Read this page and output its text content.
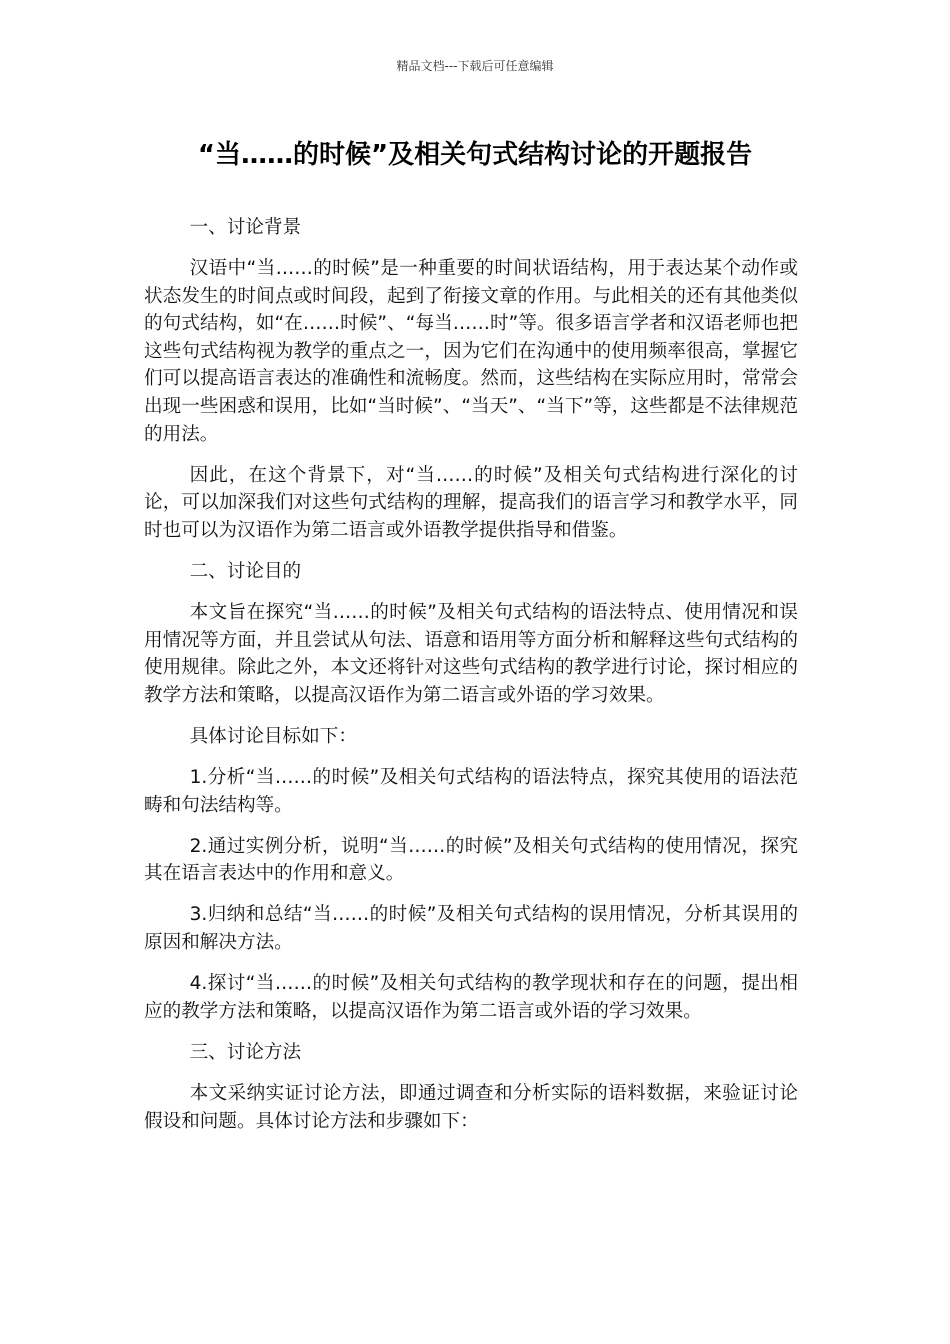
精品文档---下载后可任意编辑
“当……的时候”及相关句式结构讨论的开题报告

一、讨论背景

汉语中“当……的时候”是一种重要的时间状语结构，用于表达某个动作或状态发生的时间点或时间段，起到了衔接文章的作用。与此相关的还有其他类似的句式结构，如“在……时候”、“每当……时”等。很多语言学者和汉语老师也把这些句式结构视为教学的重点之一，因为它们在沟通中的使用频率很高，掌握它们可以提高语言表达的准确性和流畅度。然而，这些结构在实际应用时，常常会出现一些困惑和误用，比如“当时候”、“当天”、“当下”等，这些都是不法律规范的用法。

因此，在这个背景下，对“当……的时候”及相关句式结构进行深化的讨论，可以加深我们对这些句式结构的理解，提高我们的语言学习和教学水平，同时也可以为汉语作为第二语言或外语教学提供指导和借鉴。

二、讨论目的

本文旨在探究“当……的时候”及相关句式结构的语法特点、使用情况和误用情况等方面，并且尝试从句法、语意和语用等方面分析和解释这些句式结构的使用规律。除此之外，本文还将针对这些句式结构的教学进行讨论，探讨相应的教学方法和策略，以提高汉语作为第二语言或外语的学习效果。

具体讨论目标如下：

1.分析“当……的时候”及相关句式结构的语法特点，探究其使用的语法范畴和句法结构等。

2.通过实例分析，说明“当……的时候”及相关句式结构的使用情况，探究其在语言表达中的作用和意义。

3.归纳和总结“当……的时候”及相关句式结构的误用情况，分析其误用的原因和解决方法。

4.探讨“当……的时候”及相关句式结构的教学现状和存在的问题，提出相应的教学方法和策略，以提高汉语作为第二语言或外语的学习效果。

三、讨论方法

本文采纳实证讨论方法，即通过调查和分析实际的语料数据，来验证讨论假设和问题。具体讨论方法和步骤如下：
